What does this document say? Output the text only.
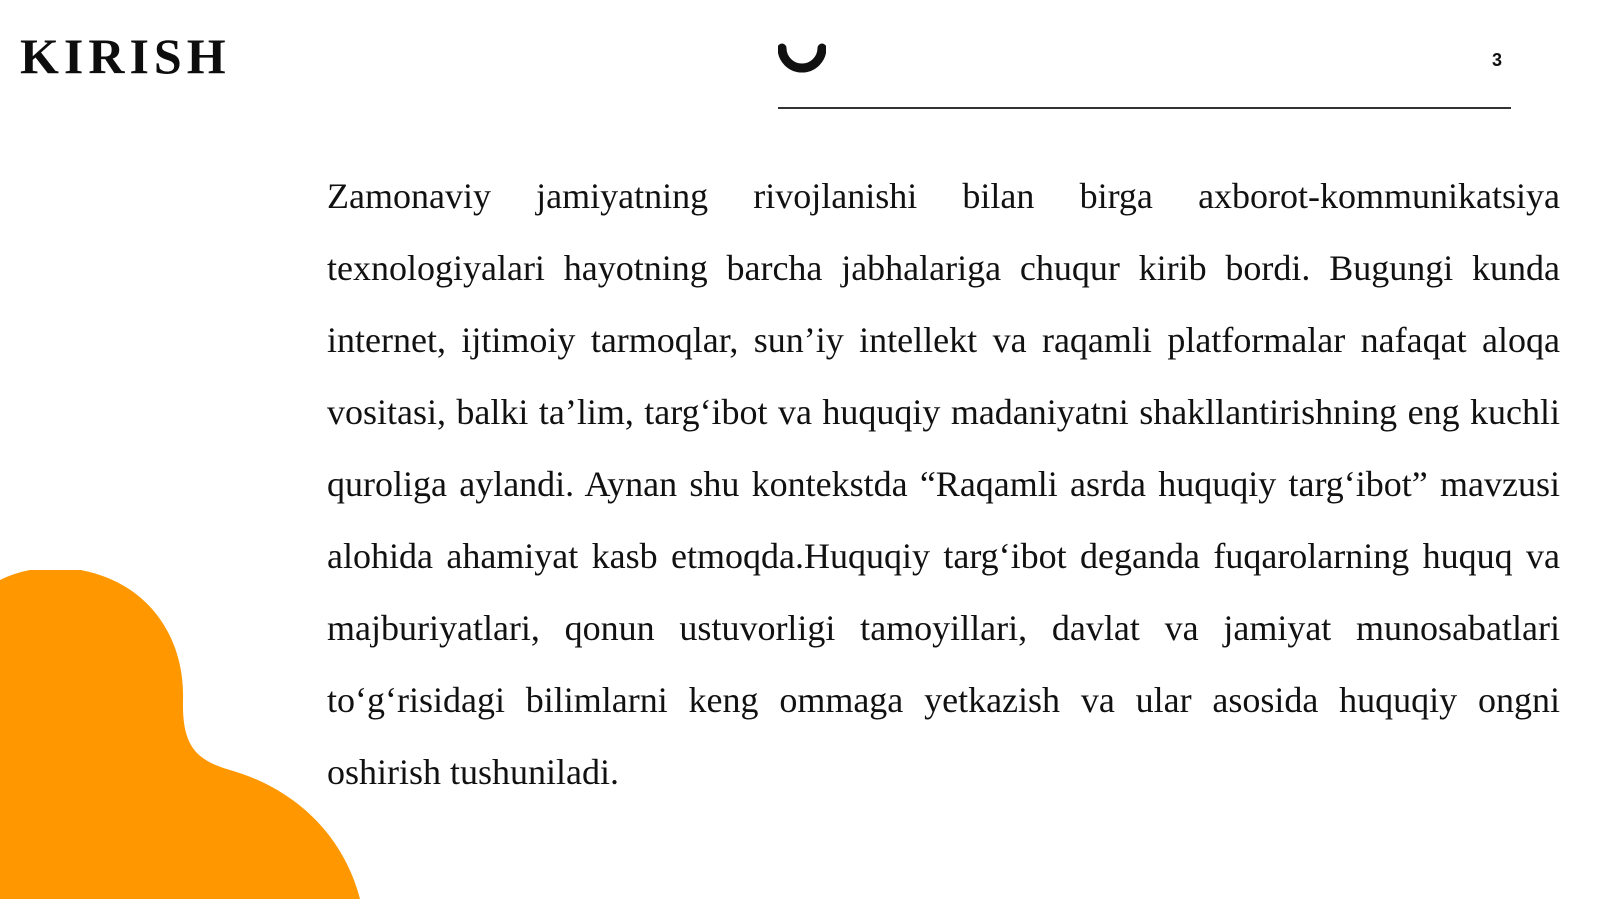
KIRISH	3

Zamonaviy jamiyatning rivojlanishi bilan birga axborot-kommunikatsiya texnologiyalari hayotning barcha jabhalariga chuqur kirib bordi. Bugungi kunda internet, ijtimoiy tarmoqlar, sun’iy intellekt va raqamli platformalar nafaqat aloqa vositasi, balki ta’lim, targ‘ibot va huquqiy madaniyatni shakllantirishning eng kuchli quroliga aylandi. Aynan shu kontekstda “Raqamli asrda huquqiy targ‘ibot” mavzusi alohida ahamiyat kasb etmoqda.Huquqiy targ‘ibot deganda fuqarolarning huquq va majburiyatlari, qonun ustuvorligi tamoyillari, davlat va jamiyat munosabatlari to‘g‘risidagi bilimlarni keng ommaga yetkazish va ular asosida huquqiy ongni oshirish tushuniladi.
